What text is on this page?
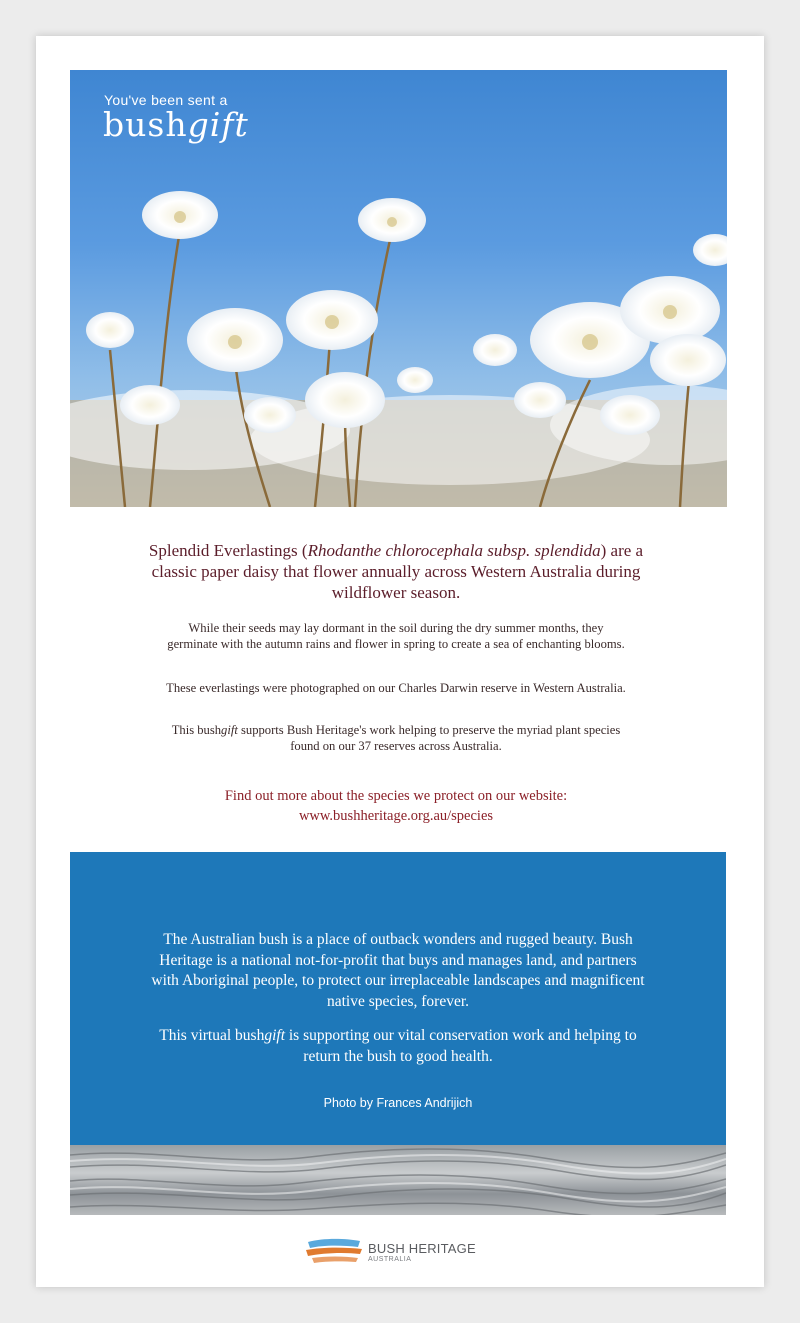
You've been sent a
bushgift
Splendid Everlastings (Rhodanthe chlorocephala subsp. splendida) are a classic paper daisy that flower annually across Western Australia during wildflower season.

While their seeds may lay dormant in the soil during the dry summer months, they germinate with the autumn rains and flower in spring to create a sea of enchanting blooms.

These everlastings were photographed on our Charles Darwin reserve in Western Australia.

This bushgift supports Bush Heritage's work helping to preserve the myriad plant species found on our 37 reserves across Australia.

Find out more about the species we protect on our website:
www.bushheritage.org.au/species

The Australian bush is a place of outback wonders and rugged beauty. Bush Heritage is a national not-for-profit that buys and manages land, and partners with Aboriginal people, to protect our irreplaceable landscapes and magnificent native species, forever.

This virtual bushgift is supporting our vital conservation work and helping to return the bush to good health.

Photo by Frances Andrijich
BUSH HERITAGE
AUSTRALIA
